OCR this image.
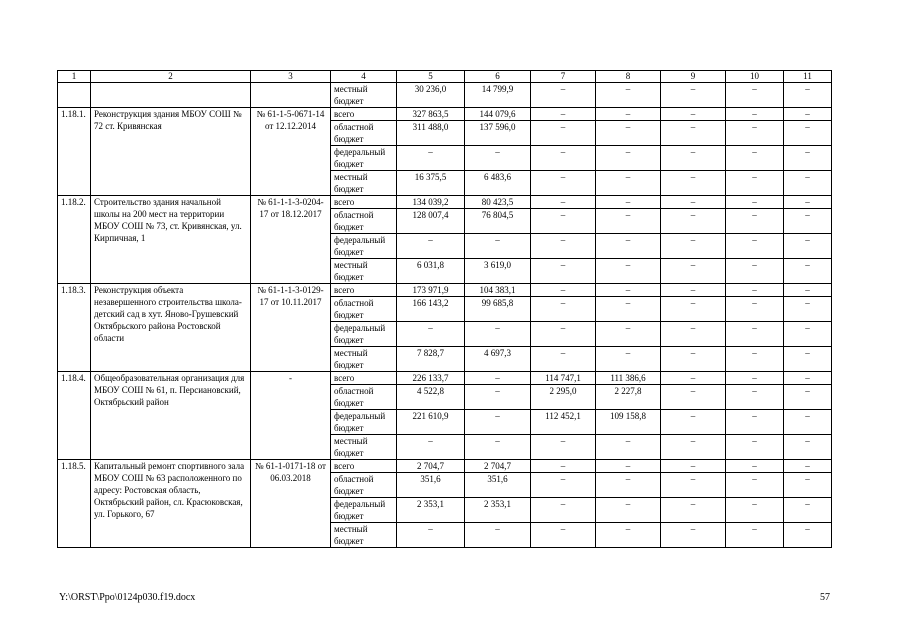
1	2	3	4	5	6	7	8	9	10	11
			местный бюджет	30 236,0	14 799,9	–	–	–	–	–
1.18.1.	Реконструкция здания МБОУ СОШ № 72 ст. Кривянская	№ 61-1-5-0671-14 от 12.12.2014	всего	327 863,5	144 079,6	–	–	–	–	–
			областной бюджет	311 488,0	137 596,0	–	–	–	–	–
			федеральный бюджет	–	–	–	–	–	–	–
			местный бюджет	16 375,5	6 483,6	–	–	–	–	–
1.18.2.	Строительство здания начальной школы на 200 мест на территории МБОУ СОШ № 73, ст. Кривянская, ул. Кирпичная, 1	№ 61-1-1-3-0204-17 от 18.12.2017	всего	134 039,2	80 423,5	–	–	–	–	–
			областной бюджет	128 007,4	76 804,5	–	–	–	–	–
			федеральный бюджет	–	–	–	–	–	–	–
			местный бюджет	6 031,8	3 619,0	–	–	–	–	–
1.18.3.	Реконструкция объекта незавершенного строительства школа-детский сад в хут. Яново-Грушевский Октябрьского района Ростовской области	№ 61-1-1-3-0129-17 от 10.11.2017	всего	173 971,9	104 383,1	–	–	–	–	–
			областной бюджет	166 143,2	99 685,8	–	–	–	–	–
			федеральный бюджет	–	–	–	–	–	–	–
			местный бюджет	7 828,7	4 697,3	–	–	–	–	–
1.18.4.	Общеобразовательная организация для МБОУ СОШ № 61, п. Персиановский, Октябрьский район	-	всего	226 133,7	–	114 747,1	111 386,6	–	–	–
			областной бюджет	4 522,8	–	2 295,0	2 227,8	–	–	–
			федеральный бюджет	221 610,9	–	112 452,1	109 158,8	–	–	–
			местный бюджет	–	–	–	–	–	–	–
1.18.5.	Капитальный ремонт спортивного зала МБОУ СОШ № 63 расположенного по адресу: Ростовская область, Октябрьский район, сл. Красюковская, ул. Горького, 67	№ 61-1-0171-18 от 06.03.2018	всего	2 704,7	2 704,7	–	–	–	–	–
			областной бюджет	351,6	351,6	–	–	–	–	–
			федеральный бюджет	2 353,1	2 353,1	–	–	–	–	–
			местный бюджет	–	–	–	–	–	–	–
Y:\ORST\Ppo\0124p030.f19.docx	57
